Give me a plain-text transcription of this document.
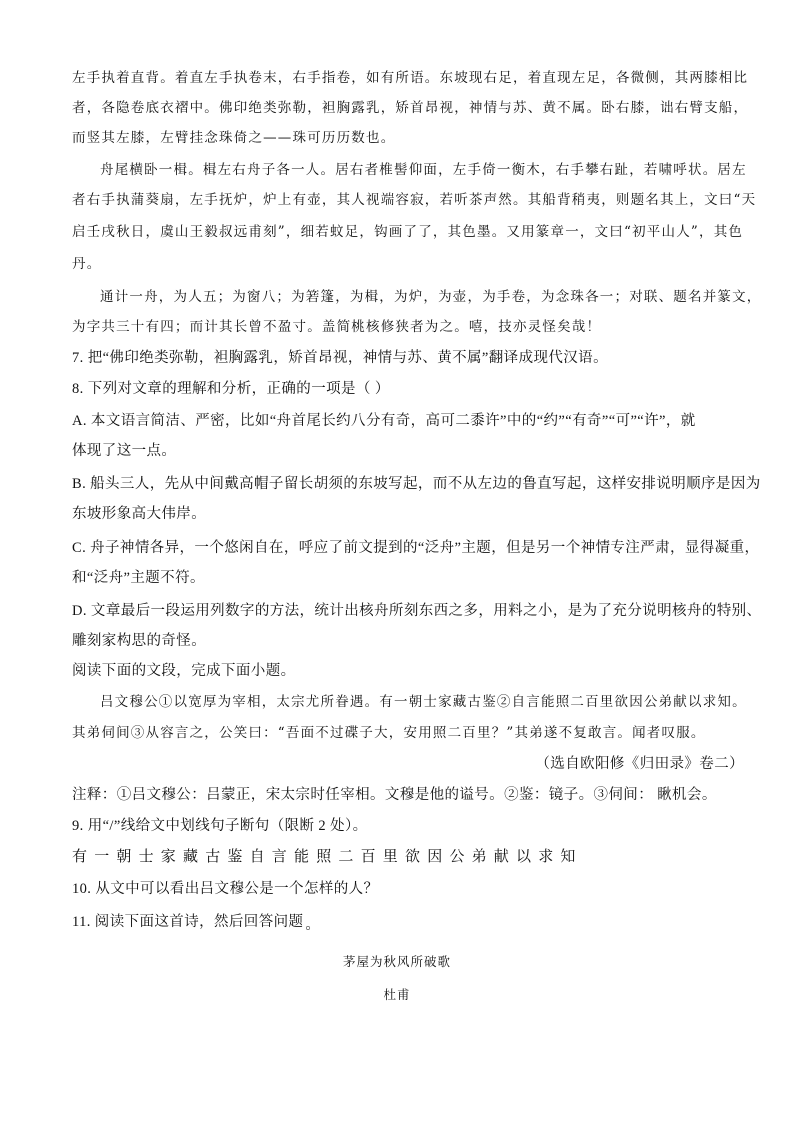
左手执着直背。着直左手执卷末，右手指卷，如有所语。东坡现右足，着直现左足，各微侧，其两膝相比
者，各隐卷底衣褶中。佛印绝类弥勒，袒胸露乳，矫首昂视，神情与苏、黄不属。卧右膝，诎右臂支船，
而竖其左膝，左臂挂念珠倚之——珠可历历数也。
舟尾横卧一楫。楫左右舟子各一人。居右者椎髻仰面，左手倚一衡木，右手攀右趾，若啸呼状。居左
者右手执蒲葵扇，左手抚炉，炉上有壶，其人视端容寂，若听茶声然。其船背稍夷，则题名其上，文曰“天
启壬戌秋日，虞山王毅叔远甫刻”，细若蚊足，钩画了了，其色墨。又用篆章一，文曰“初平山人”，其色
丹。
通计一舟，为人五；为窗八；为箬篷，为楫，为炉，为壶，为手卷，为念珠各一；对联、题名并篆文，
为字共三十有四；而计其长曾不盈寸。盖简桃核修狭者为之。嘻，技亦灵怪矣哉！
7. 把“佛印绝类弥勒，袒胸露乳，矫首昂视，神情与苏、黄不属”翻译成现代汉语。
8. 下列对文章的理解和分析，正确的一项是（ ）
A. 本文语言简洁、严密，比如“舟首尾长约八分有奇，高可二黍许”中的“约”“有奇”“可”“许”，就
体现了这一点。
B. 船头三人，先从中间戴高帽子留长胡须的东坡写起，而不从左边的鲁直写起，这样安排说明顺序是因为
东坡形象高大伟岸。
C. 舟子神情各异，一个悠闲自在，呼应了前文提到的“泛舟”主题，但是另一个神情专注严肃，显得凝重，
和“泛舟”主题不符。
D. 文章最后一段运用列数字的方法，统计出核舟所刻东西之多，用料之小，是为了充分说明核舟的特别、
雕刻家构思的奇怪。
阅读下面的文段，完成下面小题。
吕文穆公①以宽厚为宰相，太宗尤所眷遇。有一朝士家藏古鉴②自言能照二百里欲因公弟献以求知。
其弟伺间③从容言之，公笑曰：“吾面不过碟子大，安用照二百里？”其弟遂不复敢言。闻者叹服。
（选自欧阳修《归田录》卷二）
注释：①吕文穆公：吕蒙正，宋太宗时任宰相。文穆是他的谥号。②鉴：镜子。③伺间： 瞅机会。
9. 用“/”线给文中划线句子断句（限断 2 处）。
有一朝士家藏古鉴自言能照二百里欲因公弟献以求知
10. 从文中可以看出吕文穆公是一个怎样的人？
11. 阅读下面这首诗，然后回答问题 。
茅屋为秋风所破歌
杜甫
